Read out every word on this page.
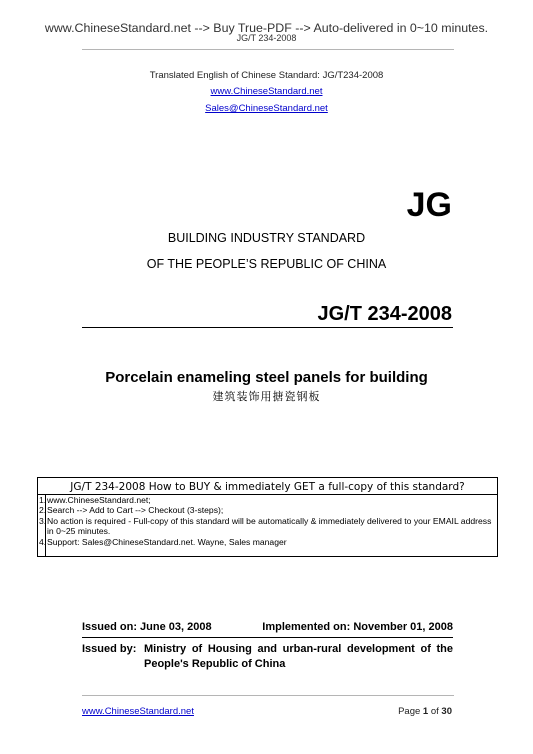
www.ChineseStandard.net --> Buy True-PDF --> Auto-delivered in 0~10 minutes.
JG/T 234-2008
Translated English of Chinese Standard: JG/T234-2008
www.ChineseStandard.net
Sales@ChineseStandard.net
JG
BUILDING INDUSTRY STANDARD
OF THE PEOPLE’S REPUBLIC OF CHINA
JG/T 234-2008
Porcelain enameling steel panels for building
建筑装饰用搪瓷钢板
JG/T 234-2008 How to BUY & immediately GET a full-copy of this standard?
1. www.ChineseStandard.net;
2. Search --> Add to Cart --> Checkout (3-steps);
3. No action is required - Full-copy of this standard will be automatically & immediately delivered to your EMAIL address in 0~25 minutes.
4. Support: Sales@ChineseStandard.net. Wayne, Sales manager
Issued on: June 03, 2008	Implemented on: November 01, 2008
Issued by: Ministry of Housing and urban-rural development of the People's Republic of China
www.ChineseStandard.net	Page 1 of 30
